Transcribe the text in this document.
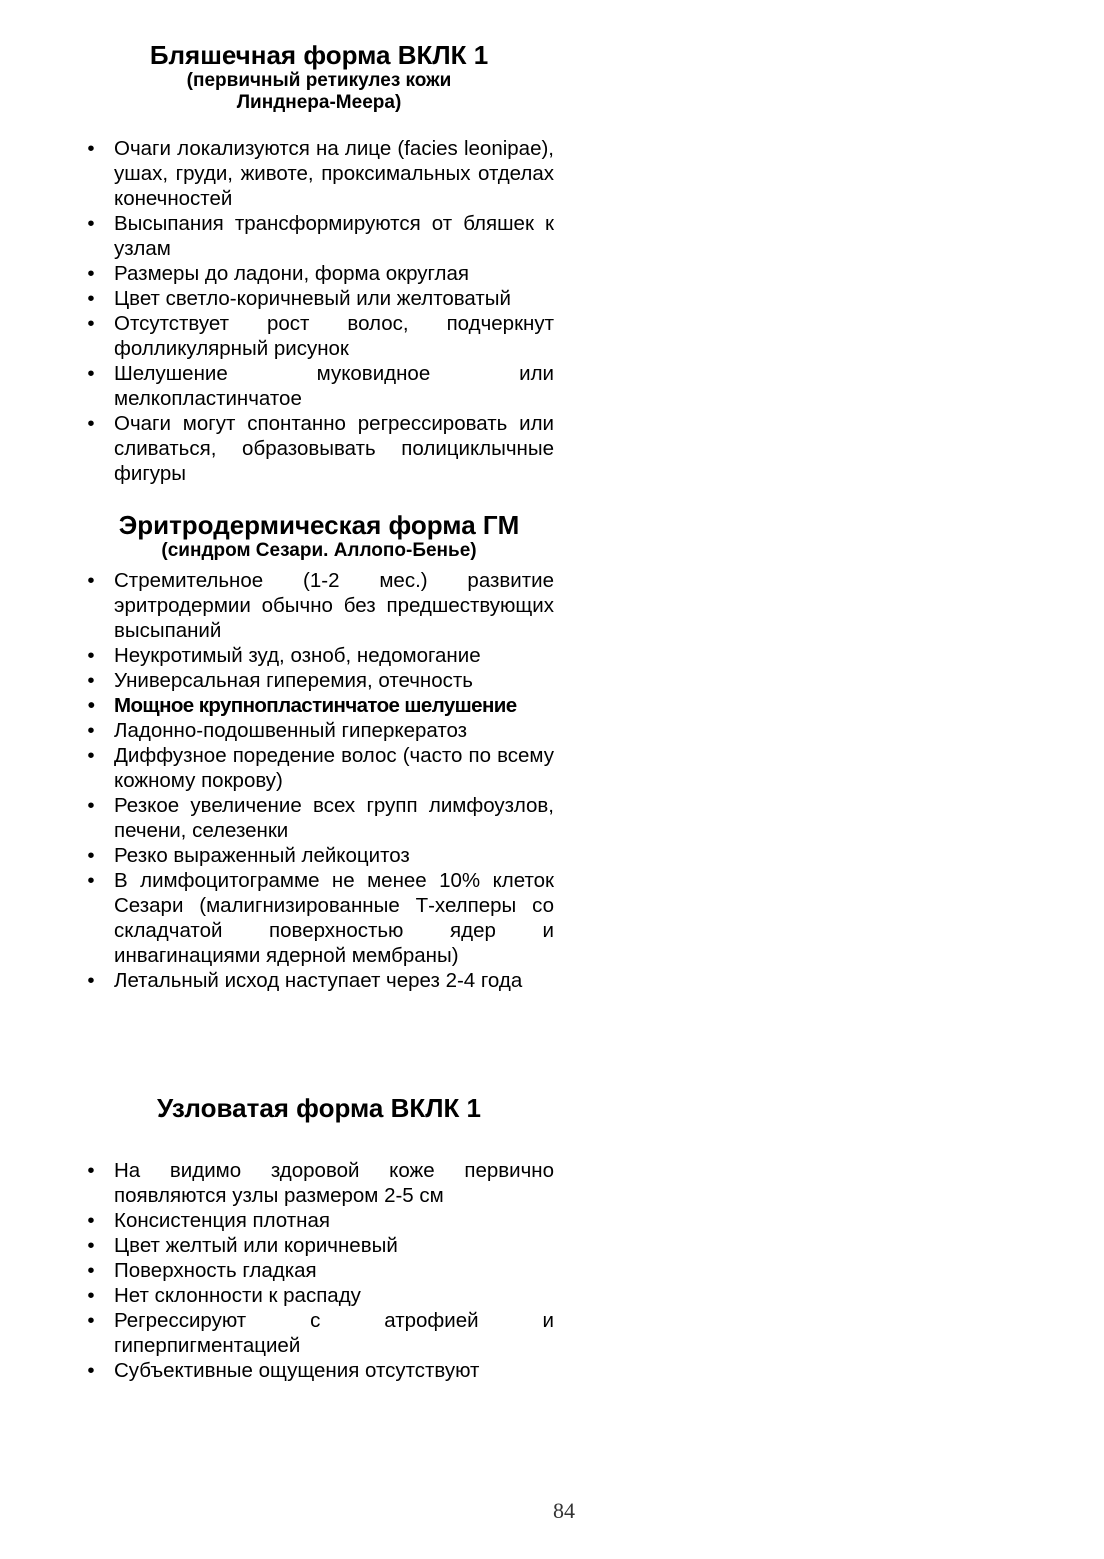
Бляшечная форма ВКЛК 1
(первичный ретикулез кожи
Линднера-Меера)
• Очаги локализуются на лице (facies leonipae), ушах, груди, животе, проксимальных отделах конечностей
• Высыпания трансформируются от бляшек к узлам
• Размеры до ладони, форма округлая
• Цвет светло-коричневый или желтоватый
• Отсутствует рост волос, подчеркнут фолликулярный рисунок
• Шелушение муковидное или мелкопластинчатое
• Очаги могут спонтанно регрессировать или сливаться, образовывать полициклычные фигуры
Эритродермическая форма ГМ
(синдром Сезари. Аллопо-Бенье)
• Стремительное (1-2 мес.) развитие эритродермии обычно без предшествующих высыпаний
• Неукротимый зуд, озноб, недомогание
• Универсальная гиперемия, отечность
• Мощное крупнопластинчатое шелушение
• Ладонно-подошвенный гиперкератоз
• Диффузное поредение волос (часто по всему кожному покрову)
• Резкое увеличение всех групп лимфоузлов, печени, селезенки
• Резко выраженный лейкоцитоз
• В лимфоцитограмме не менее 10% клеток Сезари (малигнизированные Т-хелперы со складчатой поверхностью ядер и инвагинациями ядерной мембраны)
• Летальный исход наступает через 2-4 года
Узловатая форма ВКЛК 1
• На видимо здоровой коже первично появляются узлы размером 2-5 см
• Консистенция плотная
• Цвет желтый или коричневый
• Поверхность гладкая
• Нет склонности к распаду
• Регрессируют с атрофией и гиперпигментацией
• Субъективные ощущения отсутствуют
84
